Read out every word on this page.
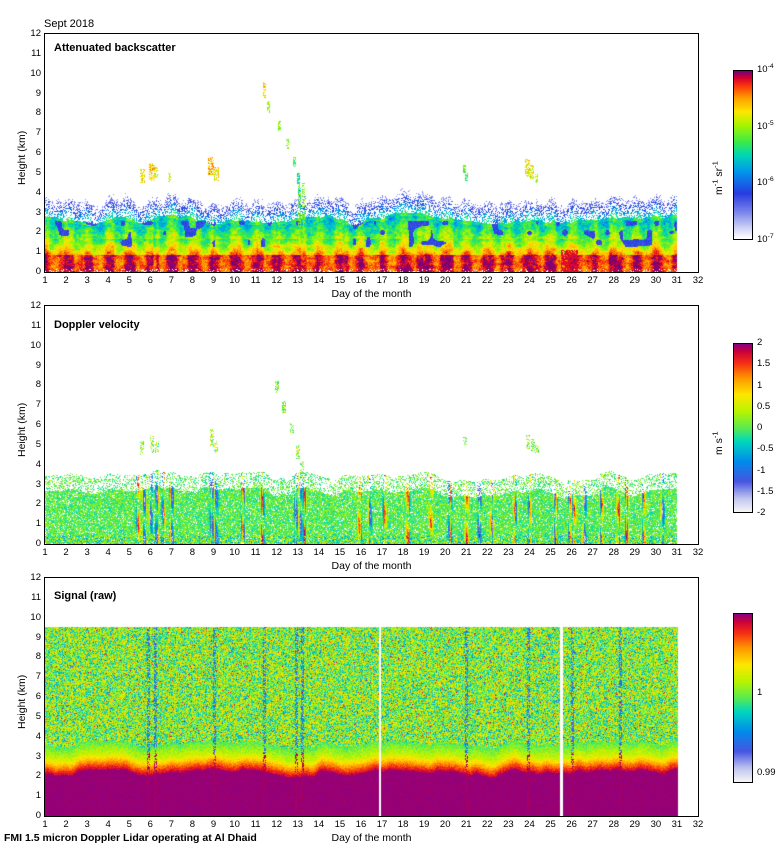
Sept 2018
Attenuated backscatter
Height (km)
Day of the month
1	2	3	4	5	6	7	8	9	10	11	12	13	14	15	16	17	18	19	20	21	22	23	24	25	26	27	28	29	30	31	32
0
1
2
3
4
5
6
7
8
9
10
11
12
$10^{-4}$
$10^{-5}$
$10^{-6}$
$10^{-7}$
$m^{-1}$ $sr^{-1}$
Doppler velocity
Height (km)
Day of the month
1	2	3	4	5	6	7	8	9	10	11	12	13	14	15	16	17	18	19	20	21	22	23	24	25	26	27	28	29	30	31	32
0
1
2
3
4
5
6
7
8
9
10
11
12
2
1.5
1
0.5
0
-0.5
-1
-1.5
-2
m $s^{-1}$
Signal (raw)
Height (km)
Day of the month
1	2	3	4	5	6	7	8	9	10	11	12	13	14	15	16	17	18	19	20	21	22	23	24	25	26	27	28	29	30	31	32
0
1
2
3
4
5
6
7
8
9
10
11
12
1
0.99
FMI 1.5 micron Doppler Lidar operating at Al Dhaid
